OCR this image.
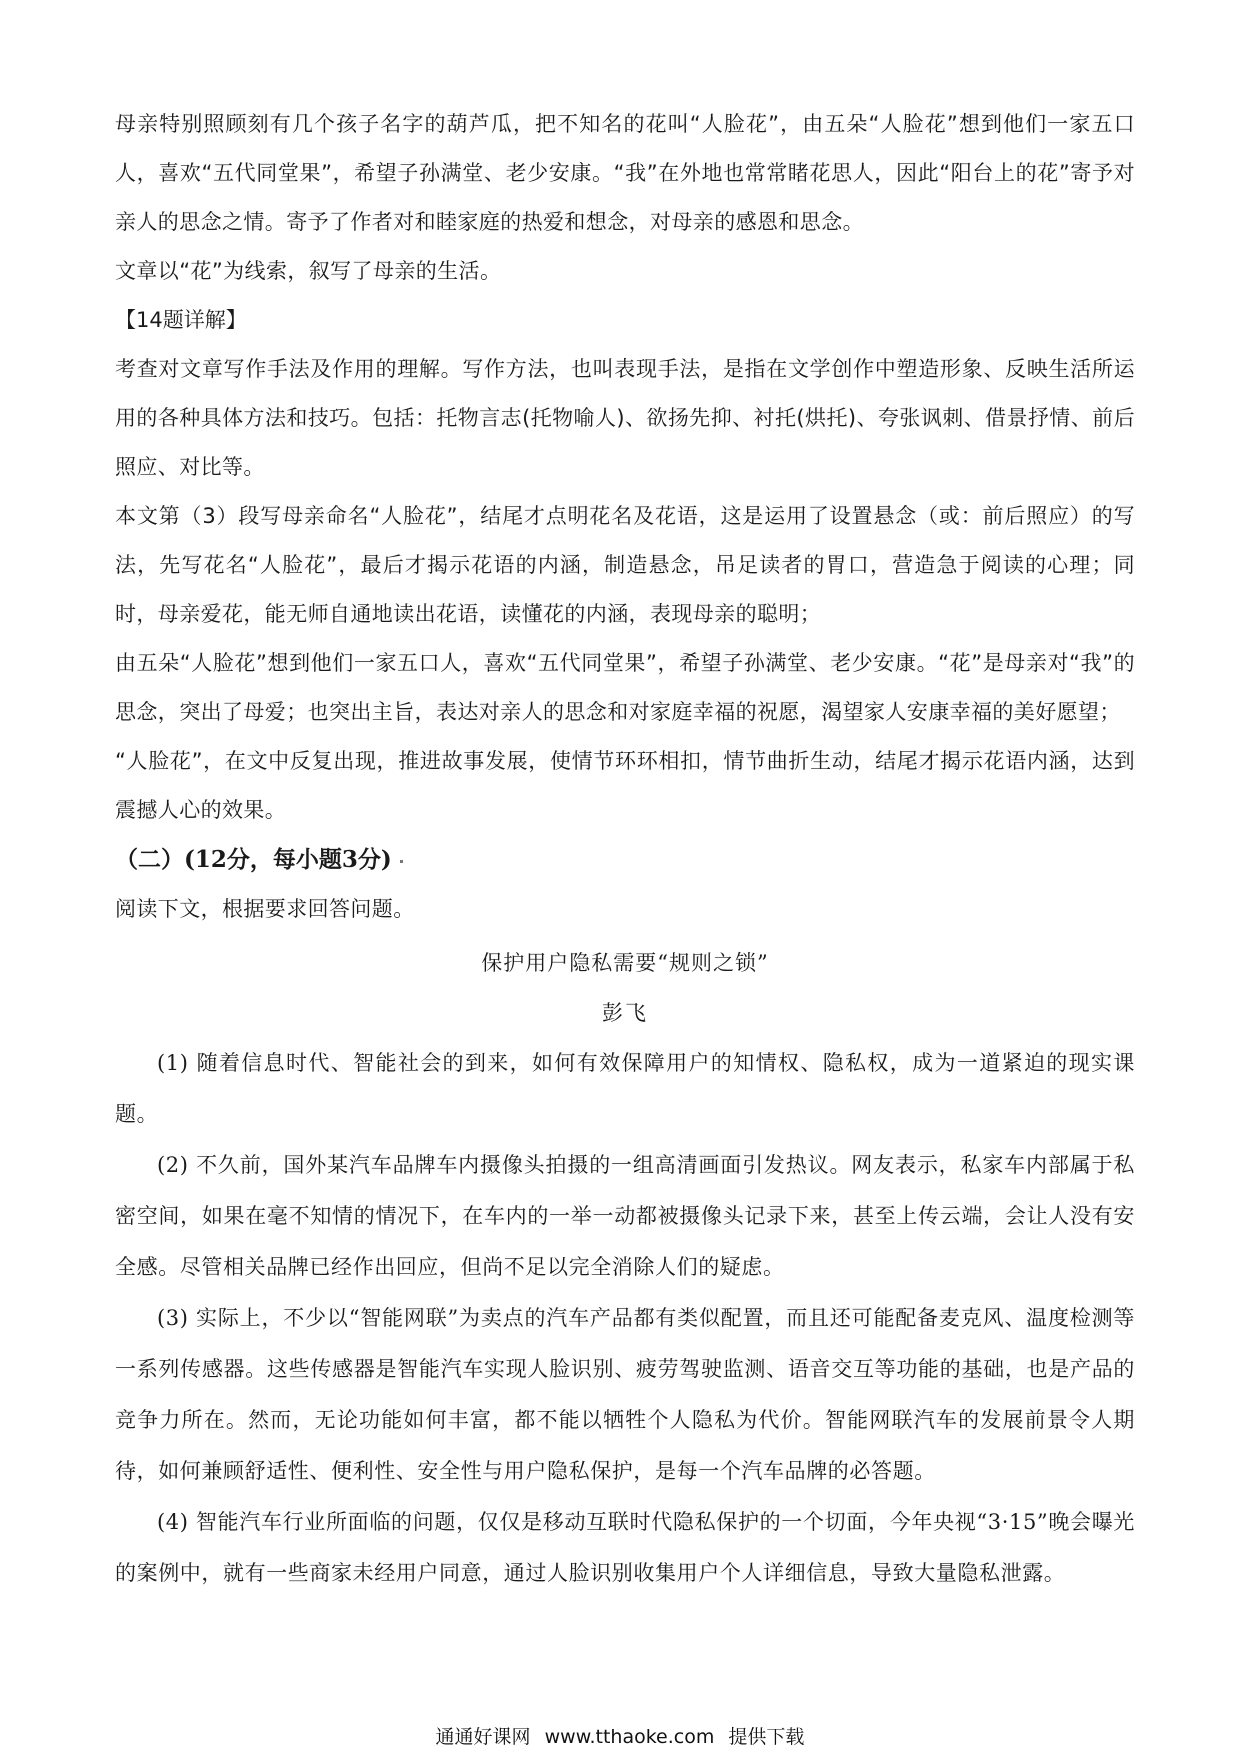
母亲特别照顾刻有几个孩子名字的葫芦瓜，把不知名的花叫“人脸花”，由五朵“人脸花”想到他们一家五口人，喜欢“五代同堂果”，希望子孙满堂、老少安康。“我”在外地也常常睹花思人，因此“阳台上的花”寄予对亲人的思念之情。寄予了作者对和睦家庭的热爱和想念，对母亲的感恩和思念。

文章以“花”为线索，叙写了母亲的生活。

【14题详解】

考查对文章写作手法及作用的理解。写作方法，也叫表现手法，是指在文学创作中塑造形象、反映生活所运用的各种具体方法和技巧。包括：托物言志(托物喻人)、欲扬先抑、衬托(烘托)、夸张讽刺、借景抒情、前后照应、对比等。

本文第（3）段写母亲命名“人脸花”，结尾才点明花名及花语，这是运用了设置悬念（或：前后照应）的写法，先写花名“人脸花”，最后才揭示花语的内涵，制造悬念，吊足读者的胃口，营造急于阅读的心理；同时，母亲爱花，能无师自通地读出花语，读懂花的内涵，表现母亲的聪明；

由五朵“人脸花”想到他们一家五口人，喜欢“五代同堂果”，希望子孙满堂、老少安康。“花”是母亲对“我”的思念，突出了母爱；也突出主旨，表达对亲人的思念和对家庭幸福的祝愿，渴望家人安康幸福的美好愿望；

“人脸花”，在文中反复出现，推进故事发展，使情节环环相扣，情节曲折生动，结尾才揭示花语内涵，达到震撼人心的效果。

（二）(12分，每小题3分)

阅读下文，根据要求回答问题。

保护用户隐私需要“规则之锁”

彭飞

(1) 随着信息时代、智能社会的到来，如何有效保障用户的知情权、隐私权，成为一道紧迫的现实课题。

(2) 不久前，国外某汽车品牌车内摄像头拍摄的一组高清画面引发热议。网友表示，私家车内部属于私密空间，如果在毫不知情的情况下，在车内的一举一动都被摄像头记录下来，甚至上传云端，会让人没有安全感。尽管相关品牌已经作出回应，但尚不足以完全消除人们的疑虑。

(3) 实际上，不少以“智能网联”为卖点的汽车产品都有类似配置，而且还可能配备麦克风、温度检测等一系列传感器。这些传感器是智能汽车实现人脸识别、疲劳驾驶监测、语音交互等功能的基础，也是产品的竞争力所在。然而，无论功能如何丰富，都不能以牺牲个人隐私为代价。智能网联汽车的发展前景令人期待，如何兼顾舒适性、便利性、安全性与用户隐私保护，是每一个汽车品牌的必答题。

(4) 智能汽车行业所面临的问题，仅仅是移动互联时代隐私保护的一个切面，今年央视“3·15”晚会曝光的案例中，就有一些商家未经用户同意，通过人脸识别收集用户个人详细信息，导致大量隐私泄露。

通通好课网 www.tthaoke.com 提供下载
